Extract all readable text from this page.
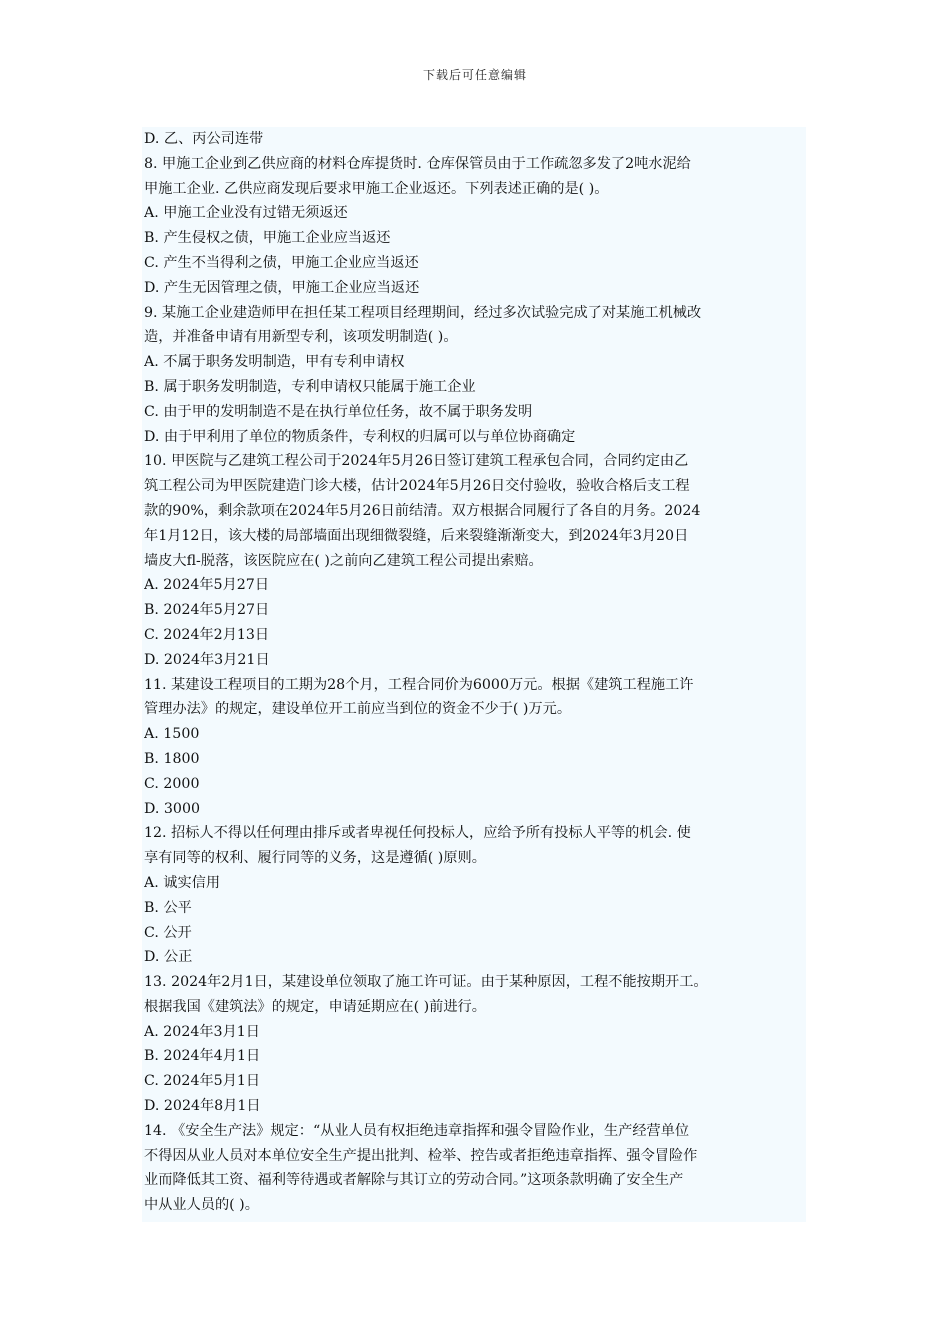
下载后可任意编辑
D. 乙、丙公司连带
8. 甲施工企业到乙供应商的材料仓库提货时. 仓库保管员由于工作疏忽多发了2吨水泥给
甲施工企业. 乙供应商发现后要求甲施工企业返还。下列表述正确的是( )。
A. 甲施工企业没有过错无须返还
B. 产生侵权之债，甲施工企业应当返还
C. 产生不当得利之债，甲施工企业应当返还
D. 产生无因管理之债，甲施工企业应当返还
9. 某施工企业建造师甲在担任某工程项目经理期间，经过多次试验完成了对某施工机械改
造，并准备申请有用新型专利，该项发明制造( )。
A. 不属于职务发明制造，甲有专利申请权
B. 属于职务发明制造，专利申请权只能属于施工企业
C. 由于甲的发明制造不是在执行单位任务，故不属于职务发明
D. 由于甲利用了单位的物质条件，专利权的归属可以与单位协商确定
10. 甲医院与乙建筑工程公司于2024年5月26日签订建筑工程承包合同，合同约定由乙
筑工程公司为甲医院建造门诊大楼，估计2024年5月26日交付验收，验收合格后支工程
款的90%，剩余款项在2024年5月26日前结清。双方根据合同履行了各自的月务。2024
年1月12日，该大楼的局部墙面出现细微裂缝，后来裂缝渐渐变大，到2024年3月20日
墙皮大fl-脱落，该医院应在( )之前向乙建筑工程公司提出索赔。
A. 2024年5月27日
B. 2024年5月27日
C. 2024年2月13日
D. 2024年3月21日
11. 某建设工程项目的工期为28个月，工程合同价为6000万元。根据《建筑工程施工许
管理办法》的规定，建设单位开工前应当到位的资金不少于( )万元。
A. 1500
B. 1800
C. 2000
D. 3000
12. 招标人不得以任何理由排斥或者卑视任何投标人，应给予所有投标人平等的机会. 使
享有同等的权利、履行同等的义务，这是遵循( )原则。
A. 诚实信用
B. 公平
C. 公开
D. 公正
13. 2024年2月1日，某建设单位领取了施工许可证。由于某种原因，工程不能按期开工。
根据我国《建筑法》的规定，申请延期应在( )前进行。
A. 2024年3月1日
B. 2024年4月1日
C. 2024年5月1日
D. 2024年8月1日
14. 《安全生产法》规定：“从业人员有权拒绝违章指挥和强令冒险作业，生产经营单位
不得因从业人员对本单位安全生产提出批判、检举、控告或者拒绝违章指挥、强令冒险作
业而降低其工资、福利等待遇或者解除与其订立的劳动合同。”这项条款明确了安全生产
中从业人员的( )。
